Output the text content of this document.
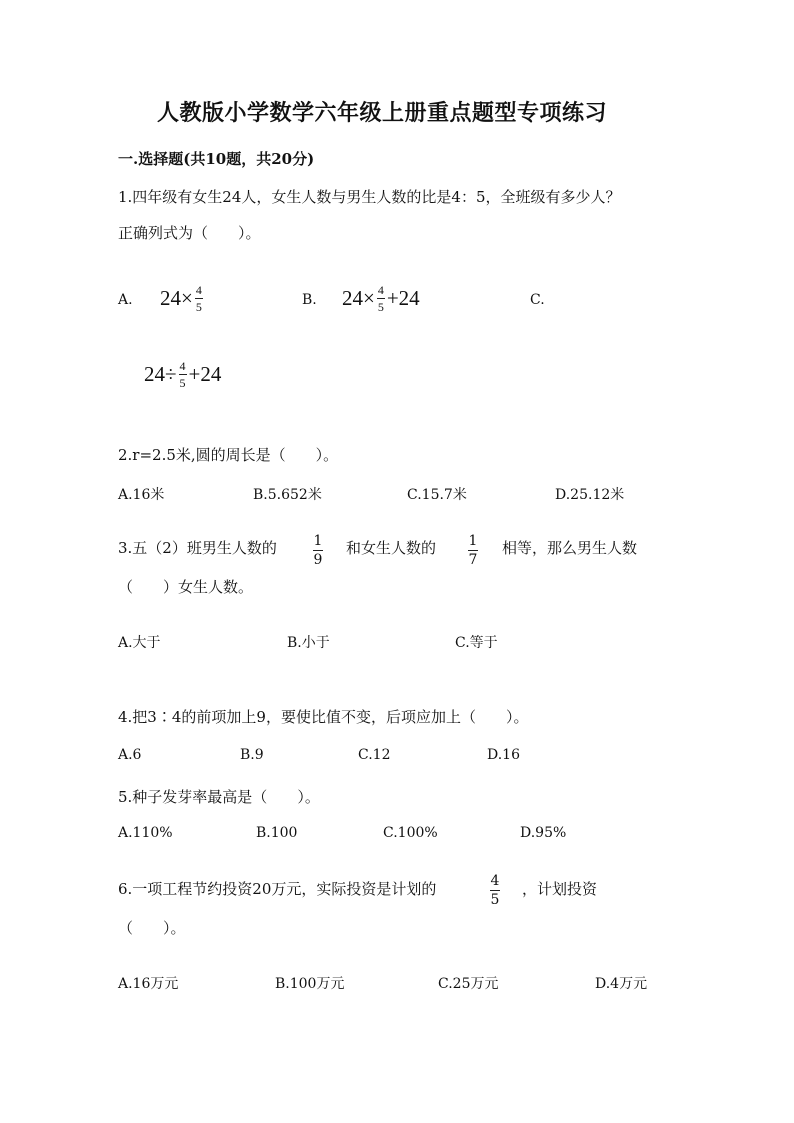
人教版小学数学六年级上册重点题型专项练习
一.选择题(共10题，共20分)
1.四年级有女生24人，女生人数与男生人数的比是4：5，全班级有多少人？
正确列式为（　　）。
A. $24\times \frac{4}{5}$	B. $24\times \frac{4}{5} +24$	C.
$24\div \frac{4}{5} +24$
2.r=2.5米,圆的周长是（　　）。
A.16米	B.5.652米	C.15.7米	D.25.12米
3.五（2）班男生人数的	1
9
和女生人数的 1
7
相等，那么男生人数
（　　）女生人数。
A.大于	B.小于	C.等于
4.把3∶4的前项加上9，要使比值不变，后项应加上（　　）。
A.6	B.9	C.12	D.16
5.种子发芽率最高是（　　）。
A.110%	B.100	C.100%	D.95%
6.一项工程节约投资20万元，实际投资是计划的	4
5
，计划投资
（　　）。
A.16万元	B.100万元	C.25万元	D.4万元
